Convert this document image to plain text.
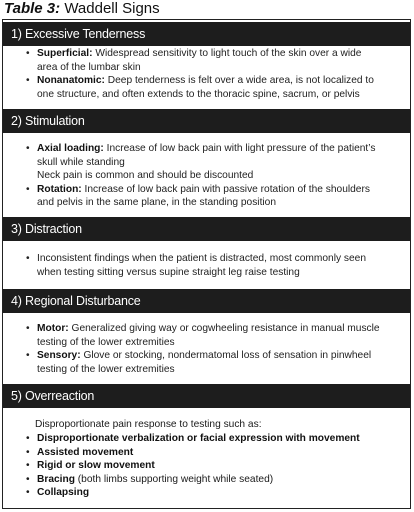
Table 3: Waddell Signs
1) Excessive Tenderness
• Superficial: Widespread sensitivity to light touch of the skin over a wide
area of the lumbar skin
• Nonanatomic: Deep tenderness is felt over a wide area, is not localized to
one structure, and often extends to the thoracic spine, sacrum, or pelvis
2) Stimulation
• Axial loading: Increase of low back pain with light pressure of the patient’s
skull while standing
Neck pain is common and should be discounted
• Rotation: Increase of low back pain with passive rotation of the shoulders
and pelvis in the same plane, in the standing position
3) Distraction
• Inconsistent findings when the patient is distracted, most commonly seen
when testing sitting versus supine straight leg raise testing
4) Regional Disturbance
• Motor: Generalized giving way or cogwheeling resistance in manual muscle
testing of the lower extremities
• Sensory: Glove or stocking, nondermatomal loss of sensation in pinwheel
testing of the lower extremities
5) Overreaction
Disproportionate pain response to testing such as:
• Disproportionate verbalization or facial expression with movement
• Assisted movement
• Rigid or slow movement
• Bracing (both limbs supporting weight while seated)
• Collapsing
